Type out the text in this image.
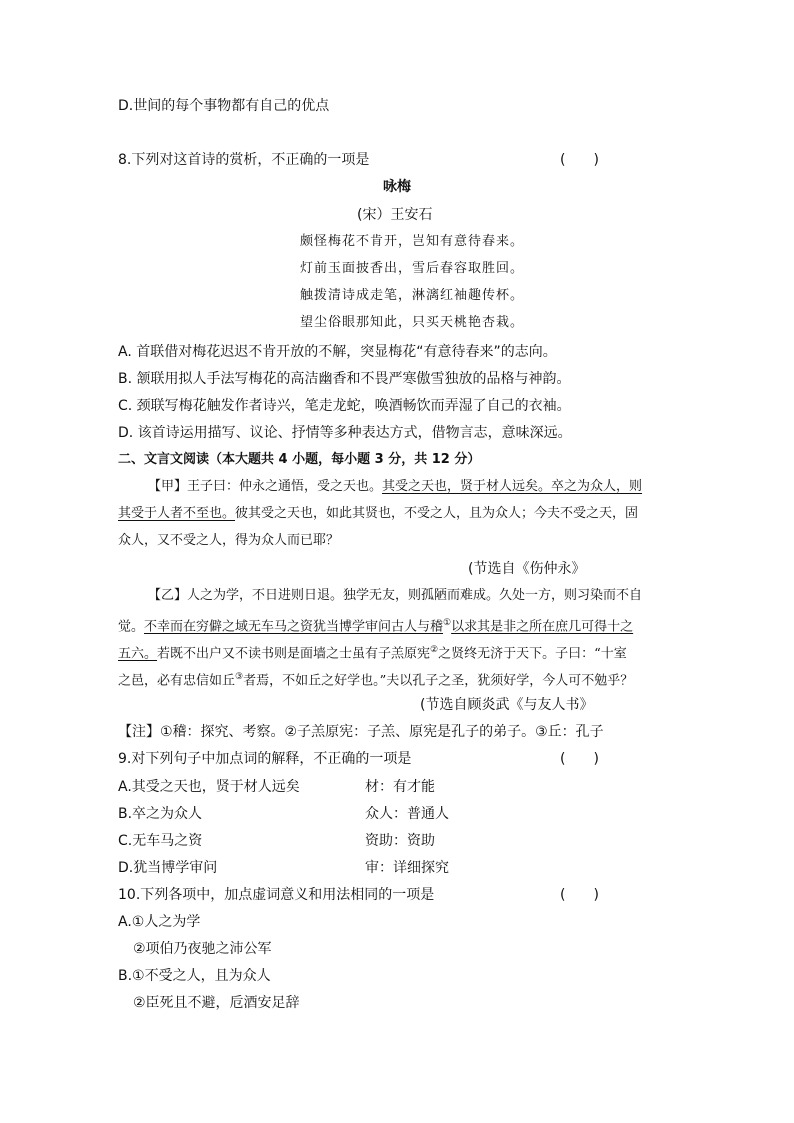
D.世间的每个事物都有自己的优点
8.下列对这首诗的赏析，不正确的一项是	(　　)
咏梅
(宋）王安石
颇怪梅花不肯开，岂知有意待春来。
灯前玉面披香出，雪后春容取胜回。
触拨清诗成走笔，淋漓红袖趣传杯。
望尘俗眼那知此，只买天桃艳杏栽。
A. 首联借对梅花迟迟不肯开放的不解，突显梅花“有意待春来”的志向。
B. 颔联用拟人手法写梅花的高洁幽香和不畏严寒傲雪独放的品格与神韵。
C. 颈联写梅花触发作者诗兴，笔走龙蛇，唤酒畅饮而弄湿了自己的衣袖。
D. 该首诗运用描写、议论、抒情等多种表达方式，借物言志，意味深远。
二、文言文阅读（本大题共 4 小题，每小题 3 分，共 12 分）
【甲】王子曰：仲永之通悟，受之天也。其受之天也，贤于材人远矣。卒之为众人，则
其受于人者不至也。彼其受之天也，如此其贤也，不受之人，且为众人；今夫不受之天，固
众人，又不受之人，得为众人而已耶？
(节选自《伤仲永》
【乙】人之为学，不日进则日退。独学无友，则孤陋而难成。久处一方，则习染而不自
觉。不幸而在穷僻之域无车马之资犹当博学审问古人与稽①以求其是非之所在庶几可得十之
五六。若既不出户又不读书则是面墙之士虽有子羔原宪②之贤终无济于天下。子曰：“十室
之邑，必有忠信如丘③者焉，不如丘之好学也。”夫以孔子之圣，犹须好学，今人可不勉乎？
(节选自顾炎武《与友人书》
【注】①稽：探究、考察。②子羔原宪：子羔、原宪是孔子的弟子。③丘：孔子
9.对下列句子中加点词的解释，不正确的一项是	(　　)
A.其受之天也，贤于材人远矣	材：有才能
B.卒之为众人	众人：普通人
C.无车马之资	资助：资助
D.犹当博学审问	审：详细探究
10.下列各项中，加点虚词意义和用法相同的一项是	(　　)
A.①人之为学
②项伯乃夜驰之沛公军
B.①不受之人，且为众人
②臣死且不避，卮酒安足辞
